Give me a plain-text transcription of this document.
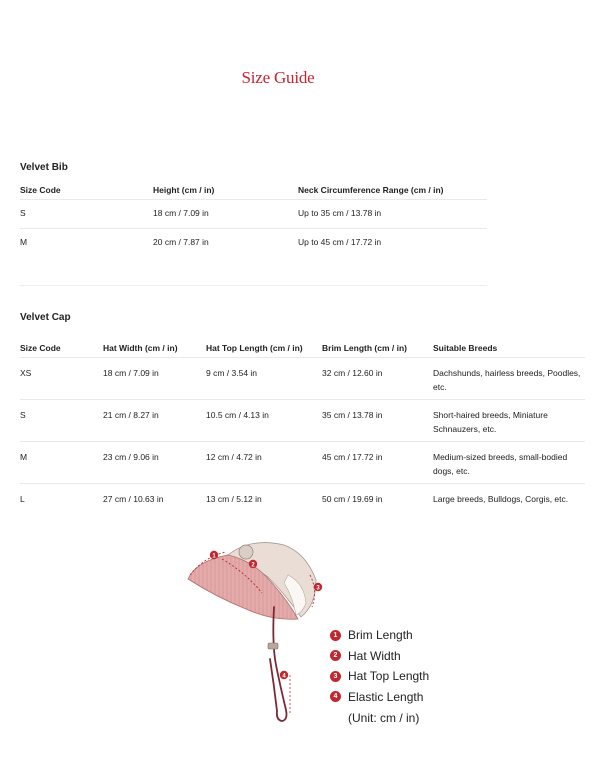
Size Guide
Velvet Bib
Size Code	Height (cm / in)	Neck Circumference Range (cm / in)
S	18 cm / 7.09 in	Up to 35 cm / 13.78 in
M	20 cm / 7.87 in	Up to 45 cm / 17.72 in
Velvet Cap
Size Code	Hat Width (cm / in)	Hat Top Length (cm / in)	Brim Length (cm / in)	Suitable Breeds
XS	18 cm / 7.09 in	9 cm / 3.54 in	32 cm / 12.60 in	Dachshunds, hairless breeds, Poodles, etc.
S	21 cm / 8.27 in	10.5 cm / 4.13 in	35 cm / 13.78 in	Short-haired breeds, Miniature Schnauzers, etc.
M	23 cm / 9.06 in	12 cm / 4.72 in	45 cm / 17.72 in	Medium-sized breeds, small-bodied dogs, etc.
L	27 cm / 10.63 in	13 cm / 5.12 in	50 cm / 19.69 in	Large breeds, Bulldogs, Corgis, etc.
1
2
3
4
1 Brim Length
2 Hat Width
3 Hat Top Length
4 Elastic Length
(Unit: cm / in)
